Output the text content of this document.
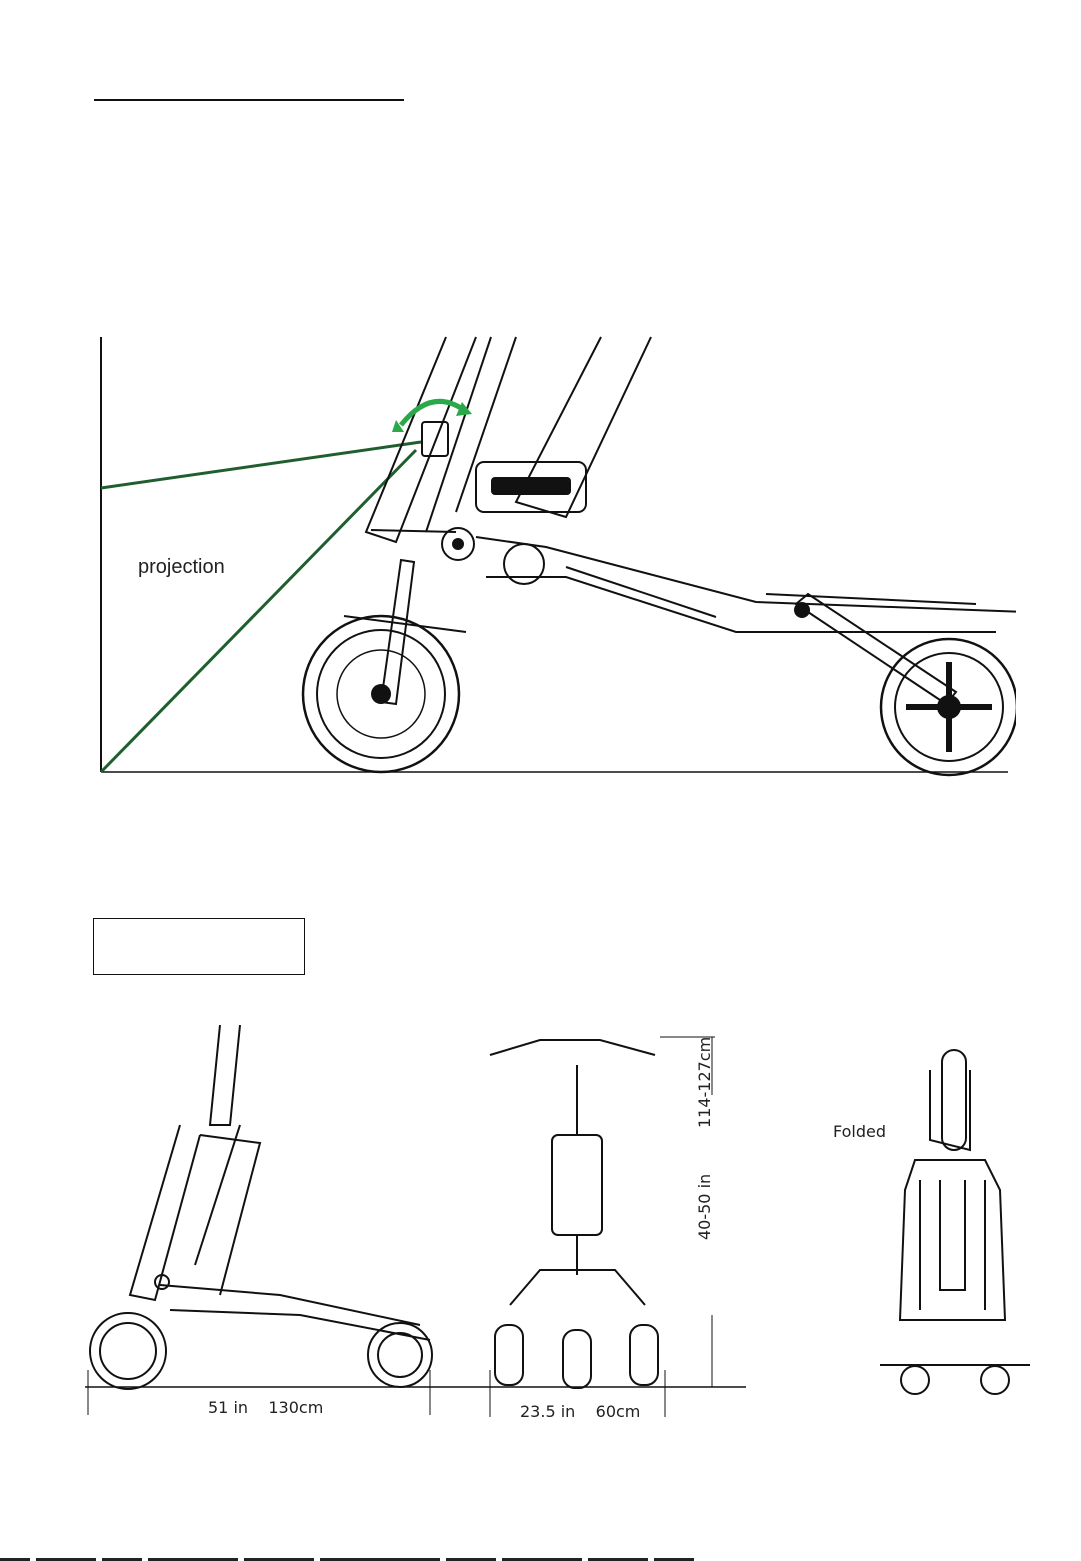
projection
51 in    130cm	23.5 in    60cm
114-127cm
40-50 in
Folded
